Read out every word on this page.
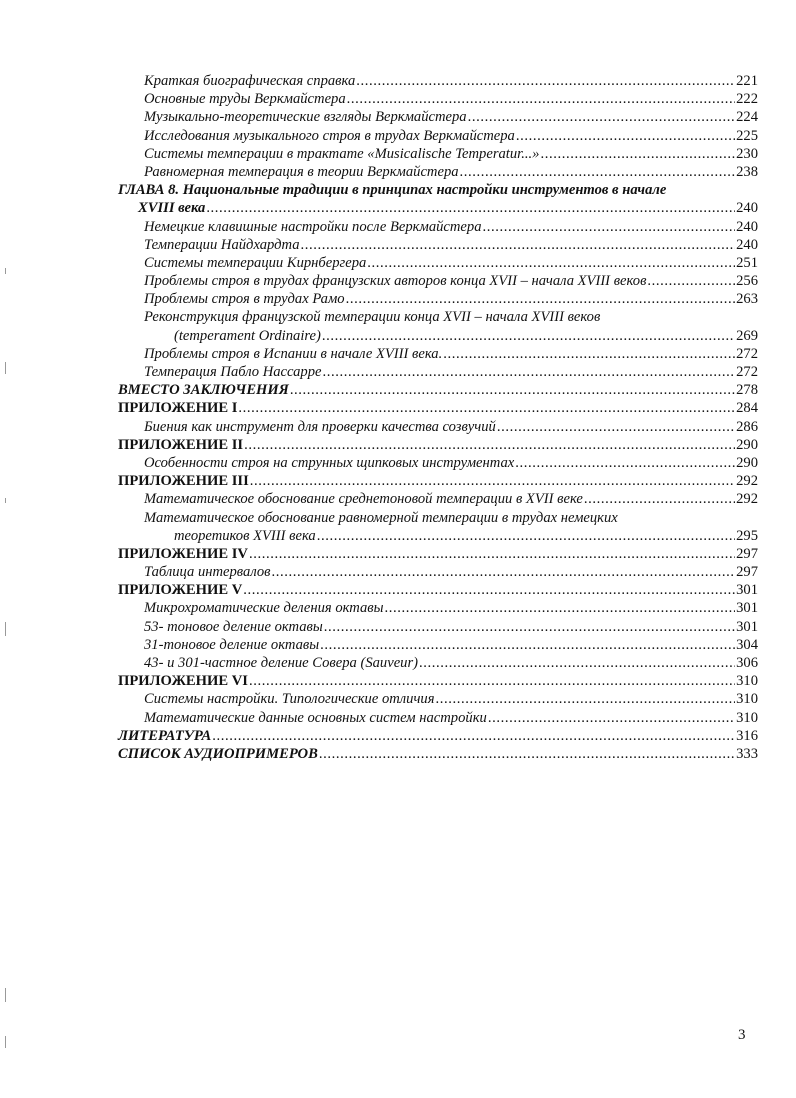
Краткая биографическая справка .....	221
Основные труды Веркмайстера .....	222
Музыкально-теоретические взгляды Веркмайстера .....	224
Исследования музыкального строя в трудах Веркмайстера .....	225
Системы темперации в трактате «Musicalische Temperatur...» .....	230
Равномерная темперация в теории Веркмайстера .....	238
ГЛАВА 8. Национальные традиции в принципах настройки инструментов в начале
XVIII века .....	240
Немецкие клавишные настройки после Веркмайстера .....	240
Темперации Найдхардта .....	240
Системы темперации Кирнбергера .....	251
Проблемы строя в трудах французских авторов конца XVII – начала XVIII веков .....	256
Проблемы строя в трудах Рамо .....	263
Реконструкция французской темперации конца XVII – начала XVIII веков
(temperament Ordinaire) .....	269
Проблемы строя в Испании в начале XVIII века. .....	272
Темперация Пабло Нассарре .....	272
ВМЕСТО ЗАКЛЮЧЕНИЯ .....	278
ПРИЛОЖЕНИЕ I .....	284
Биения как инструмент для проверки качества созвучий .....	286
ПРИЛОЖЕНИЕ II .....	290
Особенности строя на струнных щипковых инструментах .....	290
ПРИЛОЖЕНИЕ III .....	292
Математическое обоснование среднетоновой темперации в XVII веке .....	292
Математическое обоснование равномерной темперации в трудах немецких
теоретиков XVIII века .....	295
ПРИЛОЖЕНИЕ IV .....	297
Таблица интервалов .....	297
ПРИЛОЖЕНИЕ V .....	301
Микрохроматические деления октавы .....	301
53- тоновое деление октавы .....	301
31-тоновое деление октавы .....	304
43- и 301-частное деление Совера (Sauveur) .....	306
ПРИЛОЖЕНИЕ VI .....	310
Системы настройки. Типологические отличия .....	310
Математические данные основных систем настройки .....	310
ЛИТЕРАТУРА .....	316
СПИСОК АУДИОПРИМЕРОВ .....	333
3
